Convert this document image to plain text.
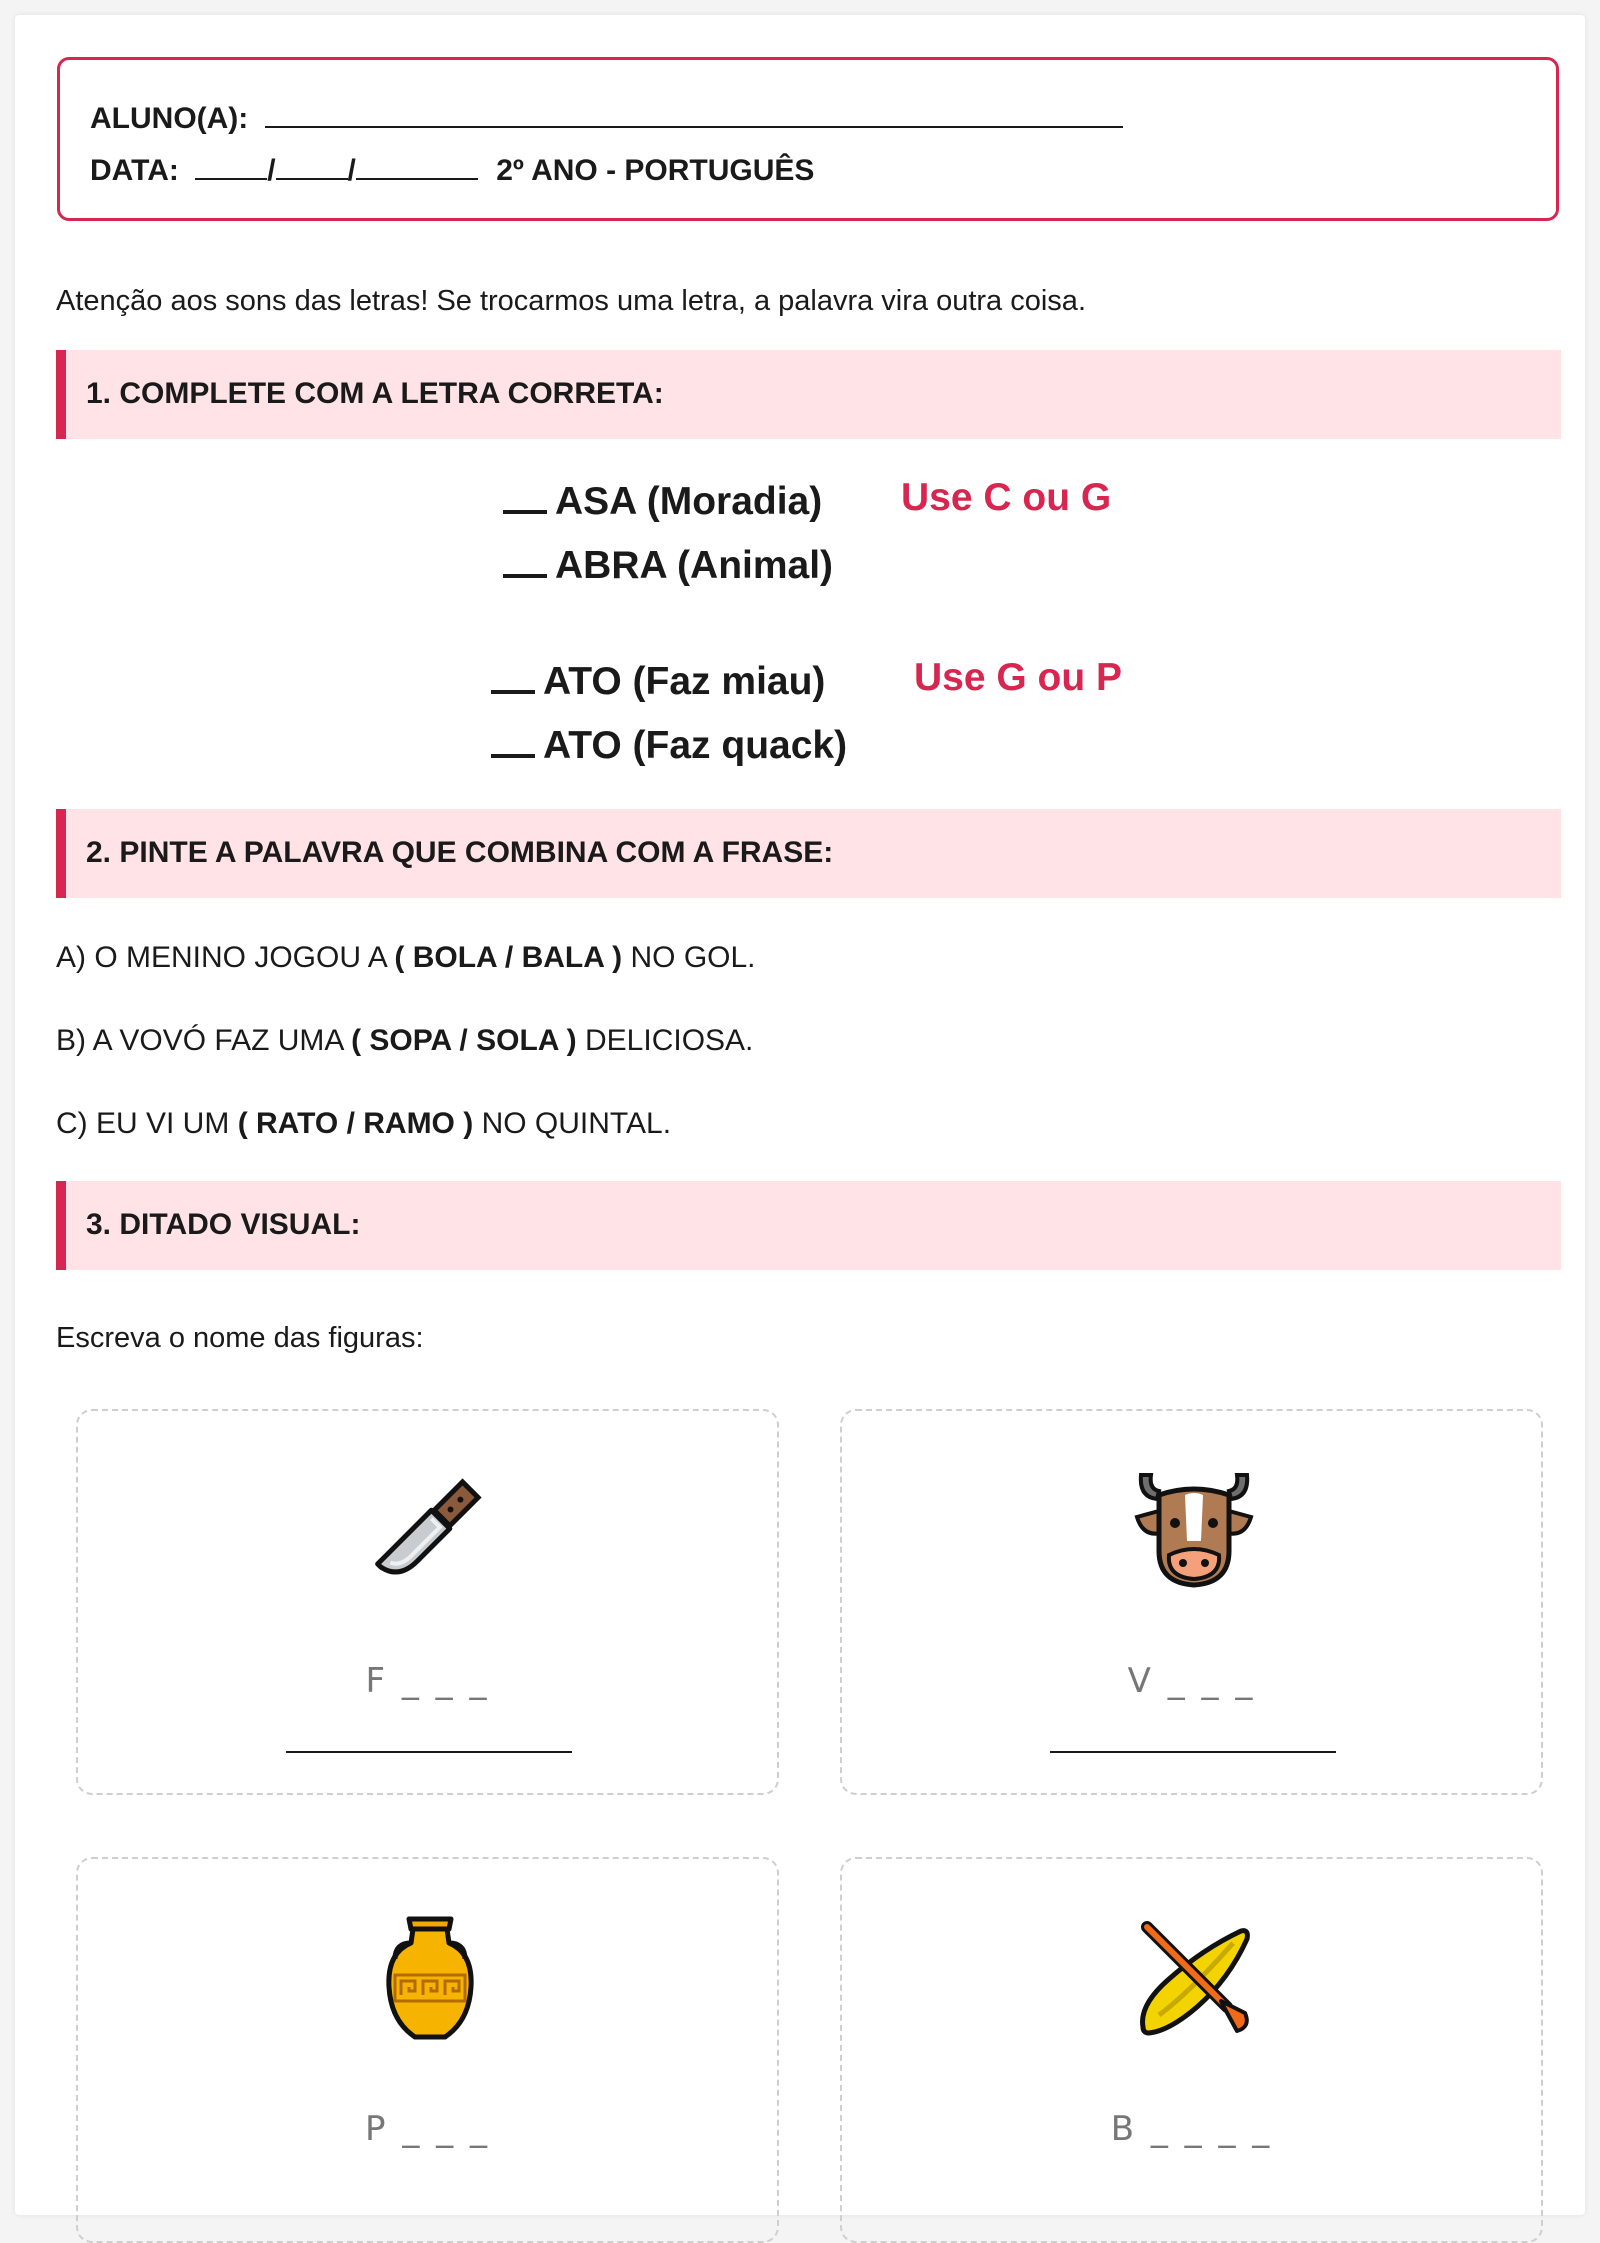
ALUNO(A):
DATA:	/ /	2º ANO - PORTUGUÊS
Atenção aos sons das letras! Se trocarmos uma letra, a palavra vira outra coisa.
1. COMPLETE COM A LETRA CORRETA:
ASA (Moradia)
ABRA (Animal)
Use C ou G
ATO (Faz miau)
ATO (Faz quack)
Use G ou P
2. PINTE A PALAVRA QUE COMBINA COM A FRASE:
A) O MENINO JOGOU A ( BOLA / BALA ) NO GOL.
B) A VOVÓ FAZ UMA ( SOPA / SOLA ) DELICIOSA.
C) EU VI UM ( RATO / RAMO ) NO QUINTAL.
3. DITADO VISUAL:
Escreva o nome das figuras:
F _ _ _	V _ _ _
P _ _ _	B _ _ _ _
